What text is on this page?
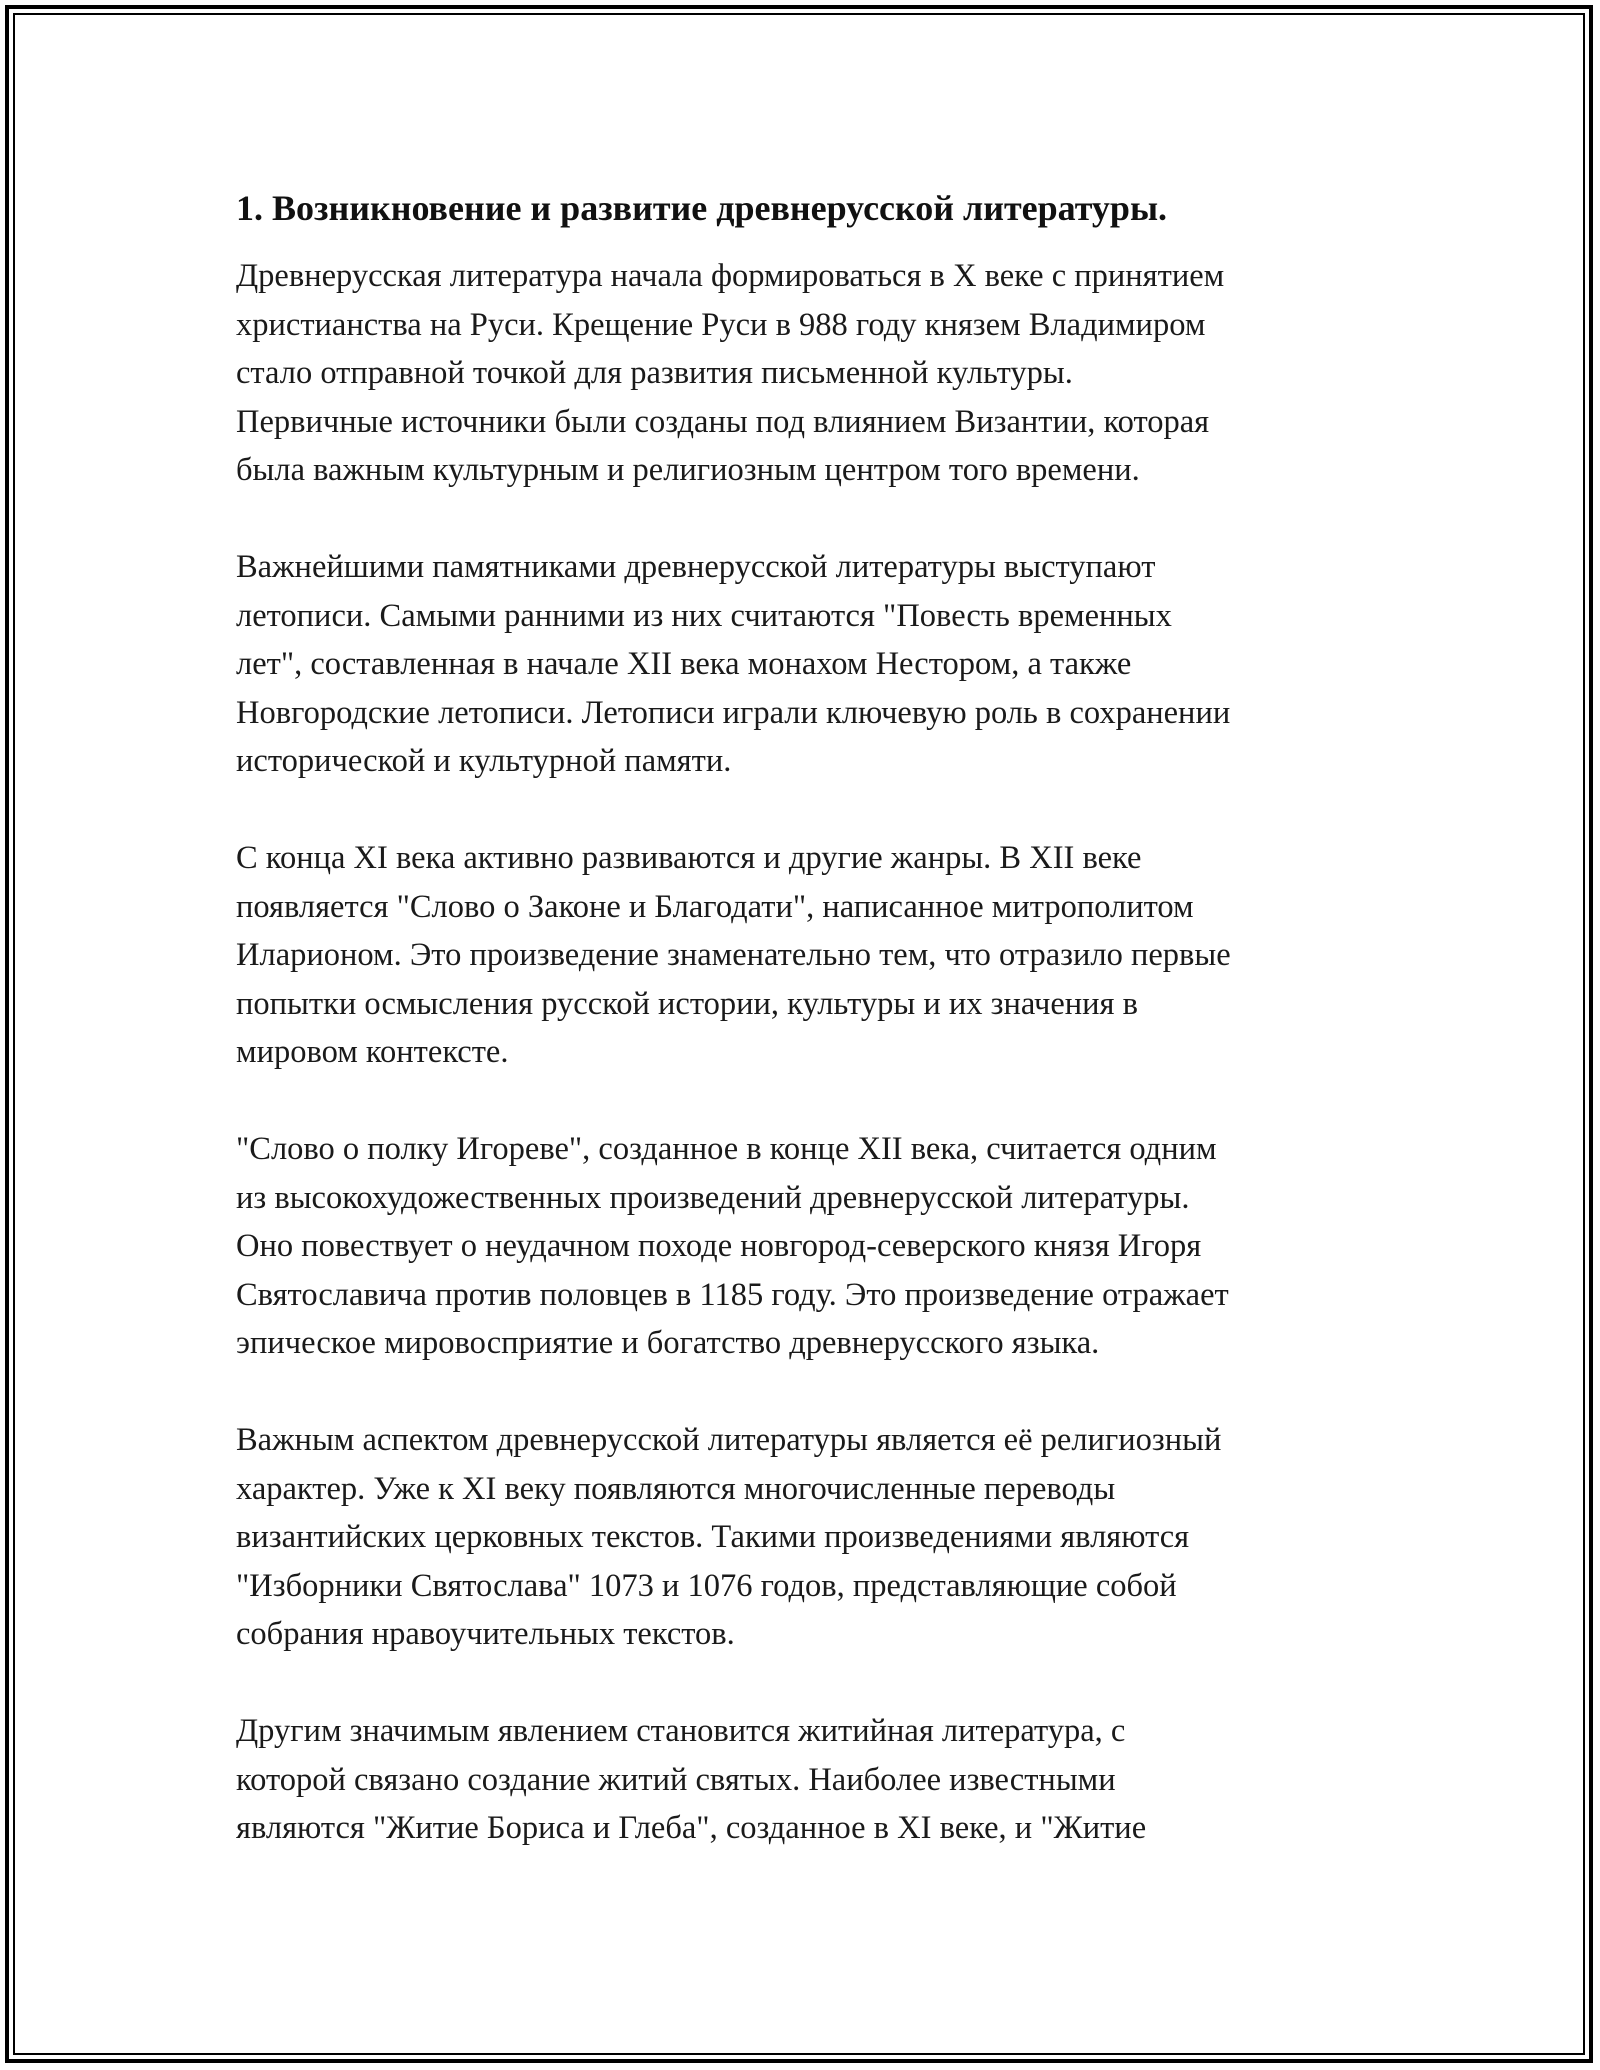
1. Возникновение и развитие древнерусской литературы.

Древнерусская литература начала формироваться в X веке с принятием
христианства на Руси. Крещение Руси в 988 году князем Владимиром
стало отправной точкой для развития письменной культуры.
Первичные источники были созданы под влиянием Византии, которая
была важным культурным и религиозным центром того времени.

Важнейшими памятниками древнерусской литературы выступают
летописи. Самыми ранними из них считаются "Повесть временных
лет", составленная в начале XII века монахом Нестором, а также
Новгородские летописи. Летописи играли ключевую роль в сохранении
исторической и культурной памяти.

С конца XI века активно развиваются и другие жанры. В XII веке
появляется "Слово о Законе и Благодати", написанное митрополитом
Иларионом. Это произведение знаменательно тем, что отразило первые
попытки осмысления русской истории, культуры и их значения в
мировом контексте.

"Слово о полку Игореве", созданное в конце XII века, считается одним
из высокохудожественных произведений древнерусской литературы.
Оно повествует о неудачном походе новгород-северского князя Игоря
Святославича против половцев в 1185 году. Это произведение отражает
эпическое мировосприятие и богатство древнерусского языка.

Важным аспектом древнерусской литературы является её религиозный
характер. Уже к XI веку появляются многочисленные переводы
византийских церковных текстов. Такими произведениями являются
"Изборники Святослава" 1073 и 1076 годов, представляющие собой
собрания нравоучительных текстов.

Другим значимым явлением становится житийная литература, с
которой связано создание житий святых. Наиболее известными
являются "Житие Бориса и Глеба", созданное в XI веке, и "Житие
